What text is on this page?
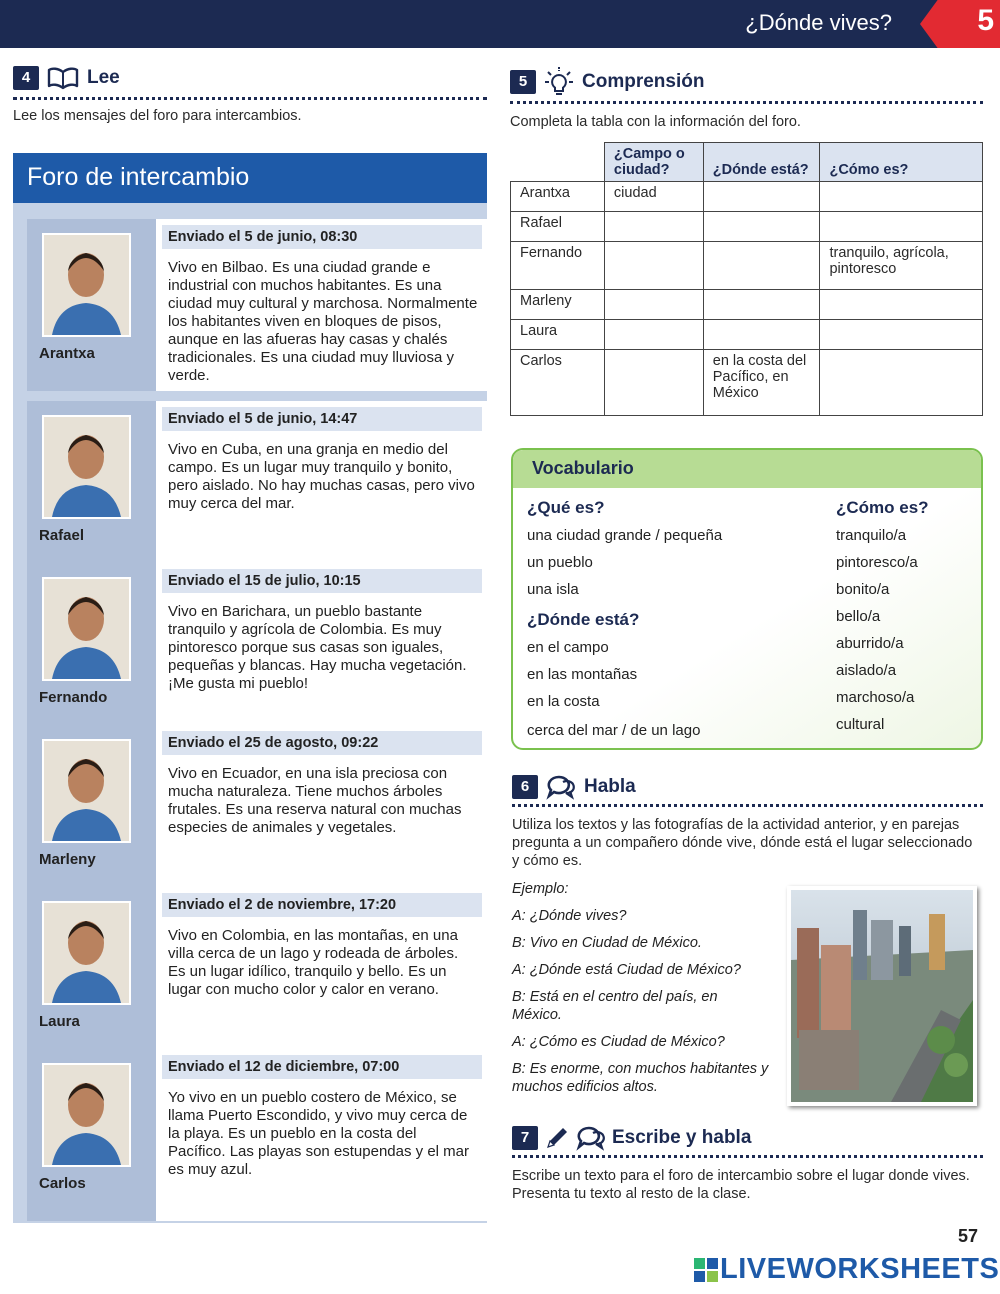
¿Dónde vives?	5
4	Lee
Lee los mensajes del foro para intercambios.
Foro de intercambio
Arantxa
Enviado el 5 de junio, 08:30
Vivo en Bilbao. Es una ciudad grande e industrial con muchos habitantes. Es una ciudad muy cultural y marchosa. Normalmente los habitantes viven en bloques de pisos, aunque en las afueras hay casas y chalés tradicionales. Es una ciudad muy lluviosa y verde.
Rafael
Enviado el 5 de junio, 14:47
Vivo en Cuba, en una granja en medio del campo. Es un lugar muy tranquilo y bonito, pero aislado. No hay muchas casas, pero vivo muy cerca del mar.
Fernando
Enviado el 15 de julio, 10:15
Vivo en Barichara, un pueblo bastante tranquilo y agrícola de Colombia. Es muy pintoresco porque sus casas son iguales, pequeñas y blancas. Hay mucha vegetación. ¡Me gusta mi pueblo!
Marleny
Enviado el 25 de agosto, 09:22
Vivo en Ecuador, en una isla preciosa con mucha naturaleza. Tiene muchos árboles frutales. Es una reserva natural con muchas especies de animales y vegetales.
Laura
Enviado el 2 de noviembre, 17:20
Vivo en Colombia, en las montañas, en una villa cerca de un lago y rodeada de árboles. Es un lugar idílico, tranquilo y bello. Es un lugar con mucho color y calor en verano.
Carlos
Enviado el 12 de diciembre, 07:00
Yo vivo en un pueblo costero de México, se llama Puerto Escondido, y vivo muy cerca de la playa. Es un pueblo en la costa del Pacífico. Las playas son estupendas y el mar es muy azul.
5	Comprensión
Completa la tabla con la información del foro.
	¿Campo o ciudad?	¿Dónde está?	¿Cómo es?
Arantxa	ciudad		
Rafael			
Fernando			tranquilo, agrícola, pintoresco
Marleny			
Laura			
Carlos		en la costa del Pacífico, en México	
Vocabulario
¿Qué es?
una ciudad grande / pequeña
un pueblo
una isla
¿Dónde está?
en el campo
en las montañas
en la costa
cerca del mar / de un lago
¿Cómo es?
tranquilo/a
pintoresco/a
bonito/a
bello/a
aburrido/a
aislado/a
marchoso/a
cultural
6	Habla
Utiliza los textos y las fotografías de la actividad anterior, y en parejas pregunta a un compañero dónde vive, dónde está el lugar seleccionado y cómo es.
Ejemplo:
A: ¿Dónde vives?
B: Vivo en Ciudad de México.
A: ¿Dónde está Ciudad de México?
B: Está en el centro del país, en México.
A: ¿Cómo es Ciudad de México?
B: Es enorme, con muchos habitantes y muchos edificios altos.
7	Escribe y habla
Escribe un texto para el foro de intercambio sobre el lugar donde vives. Presenta tu texto al resto de la clase.
57
LIVEWORKSHEETS
